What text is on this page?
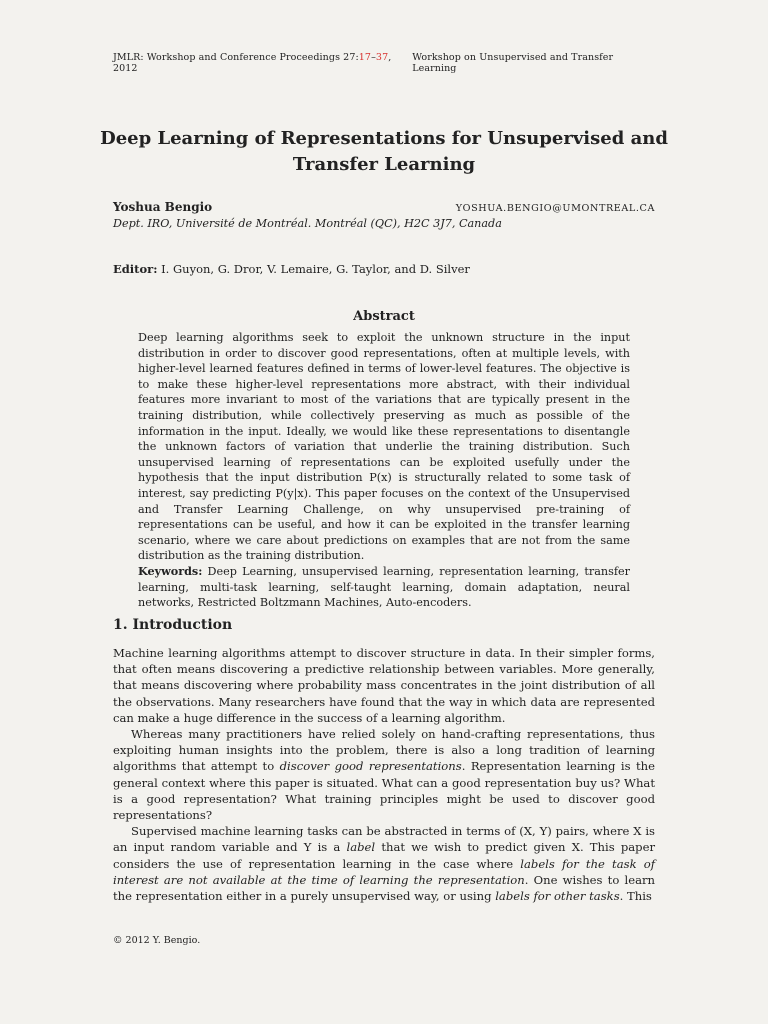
JMLR: Workshop and Conference Proceedings 27:17–37, 2012
Workshop on Unsupervised and Transfer Learning
Deep Learning of Representations for Unsupervised and Transfer Learning
Yoshua Bengio	YOSHUA.BENGIO@UMONTREAL.CA
Dept. IRO, Université de Montréal. Montréal (QC), H2C 3J7, Canada
Editor: I. Guyon, G. Dror, V. Lemaire, G. Taylor, and D. Silver
Abstract

Deep learning algorithms seek to exploit the unknown structure in the input distribution in order to discover good representations, often at multiple levels, with higher-level learned features defined in terms of lower-level features. The objective is to make these higher-level representations more abstract, with their individual features more invariant to most of the variations that are typically present in the training distribution, while collectively preserving as much as possible of the information in the input. Ideally, we would like these representations to disentangle the unknown factors of variation that underlie the training distribution. Such unsupervised learning of representations can be exploited usefully under the hypothesis that the input distribution P(x) is structurally related to some task of interest, say predicting P(y|x). This paper focuses on the context of the Unsupervised and Transfer Learning Challenge, on why unsupervised pre-training of representations can be useful, and how it can be exploited in the transfer learning scenario, where we care about predictions on examples that are not from the same distribution as the training distribution.

Keywords: Deep Learning, unsupervised learning, representation learning, transfer learning, multi-task learning, self-taught learning, domain adaptation, neural networks, Restricted Boltzmann Machines, Auto-encoders.

1. Introduction

Machine learning algorithms attempt to discover structure in data. In their simpler forms, that often means discovering a predictive relationship between variables. More generally, that means discovering where probability mass concentrates in the joint distribution of all the observations. Many researchers have found that the way in which data are represented can make a huge difference in the success of a learning algorithm.

Whereas many practitioners have relied solely on hand-crafting representations, thus exploiting human insights into the problem, there is also a long tradition of learning algorithms that attempt to discover good representations. Representation learning is the general context where this paper is situated. What can a good representation buy us? What is a good representation? What training principles might be used to discover good representations?

Supervised machine learning tasks can be abstracted in terms of (X, Y) pairs, where X is an input random variable and Y is a label that we wish to predict given X. This paper considers the use of representation learning in the case where labels for the task of interest are not available at the time of learning the representation. One wishes to learn the representation either in a purely unsupervised way, or using labels for other tasks. This

© 2012 Y. Bengio.
